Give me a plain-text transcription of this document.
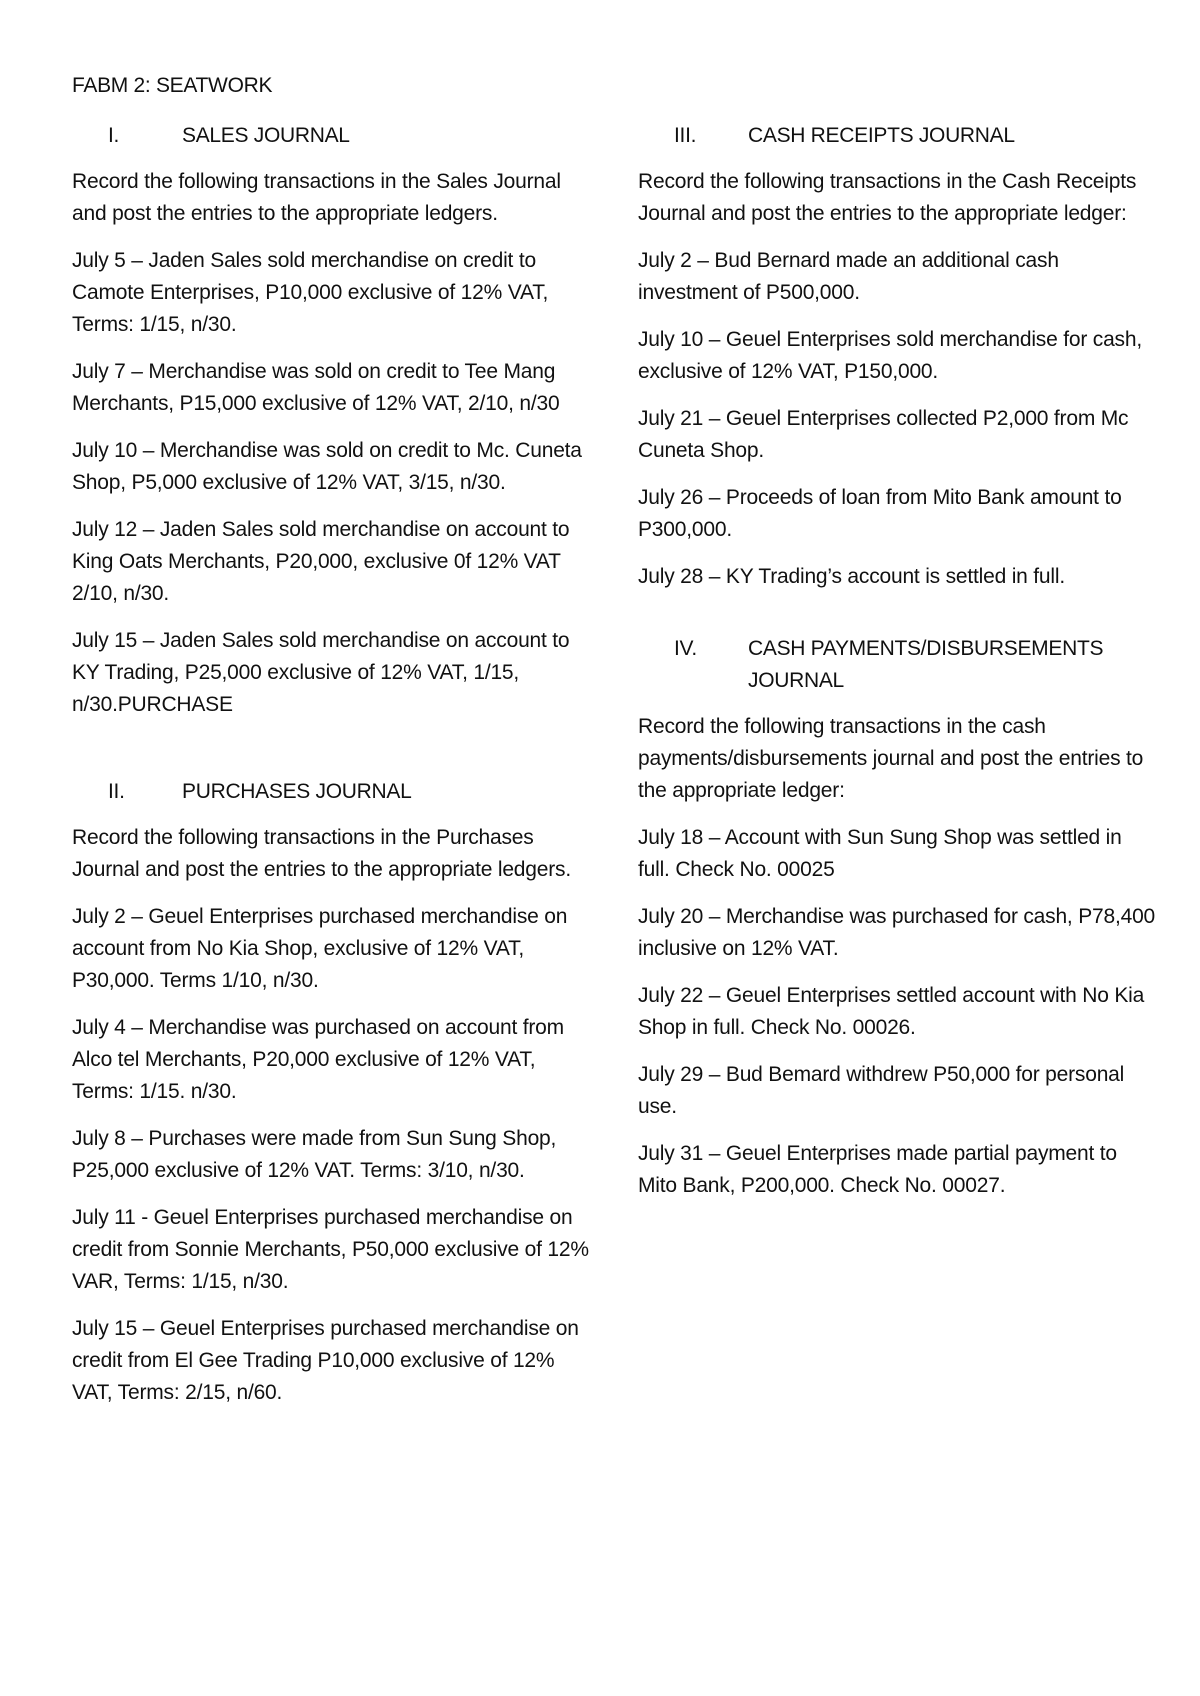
FABM 2: SEATWORK
I.	SALES JOURNAL

Record the following transactions in the Sales Journal and post the entries to the appropriate ledgers.

July 5 – Jaden Sales sold merchandise on credit to Camote Enterprises, P10,000 exclusive of 12% VAT, Terms: 1/15, n/30.

July 7 – Merchandise was sold on credit to Tee Mang Merchants, P15,000 exclusive of 12% VAT, 2/10, n/30

July 10 – Merchandise was sold on credit to Mc. Cuneta Shop, P5,000 exclusive of 12% VAT, 3/15, n/30.

July 12 – Jaden Sales sold merchandise on account to King Oats Merchants, P20,000, exclusive 0f 12% VAT 2/10, n/30.

July 15 – Jaden Sales sold merchandise on account to KY Trading, P25,000 exclusive of 12% VAT, 1/15, n/30.PURCHASE

II.	PURCHASES JOURNAL

Record the following transactions in the Purchases Journal and post the entries to the appropriate ledgers.

July 2 – Geuel Enterprises purchased merchandise on account from No Kia Shop, exclusive of 12% VAT, P30,000. Terms 1/10, n/30.

July 4 – Merchandise was purchased on account from Alco tel Merchants, P20,000 exclusive of 12% VAT, Terms: 1/15. n/30.

July 8 – Purchases were made from Sun Sung Shop, P25,000 exclusive of 12% VAT. Terms: 3/10, n/30.

July 11 - Geuel Enterprises purchased merchandise on credit from Sonnie Merchants, P50,000 exclusive of 12% VAR, Terms: 1/15, n/30.

July 15 – Geuel Enterprises purchased merchandise on credit from El Gee Trading P10,000 exclusive of 12% VAT, Terms: 2/15, n/60.

III.	CASH RECEIPTS JOURNAL

Record the following transactions in the Cash Receipts Journal and post the entries to the appropriate ledger:

July 2 – Bud Bernard made an additional cash investment of P500,000.

July 10 – Geuel Enterprises sold merchandise for cash, exclusive of 12% VAT, P150,000.

July 21 – Geuel Enterprises collected P2,000 from Mc Cuneta Shop.

July 26 – Proceeds of loan from Mito Bank amount to P300,000.

July 28 – KY Trading’s account is settled in full.

IV.	CASH PAYMENTS/DISBURSEMENTS JOURNAL

Record the following transactions in the cash payments/disbursements journal and post the entries to the appropriate ledger:

July 18 – Account with Sun Sung Shop was settled in full. Check No. 00025

July 20 – Merchandise was purchased for cash, P78,400 inclusive on 12% VAT.

July 22 – Geuel Enterprises settled account with No Kia Shop in full. Check No. 00026.

July 29 – Bud Bemard withdrew P50,000 for personal use.

July 31 – Geuel Enterprises made partial payment to Mito Bank, P200,000. Check No. 00027.
